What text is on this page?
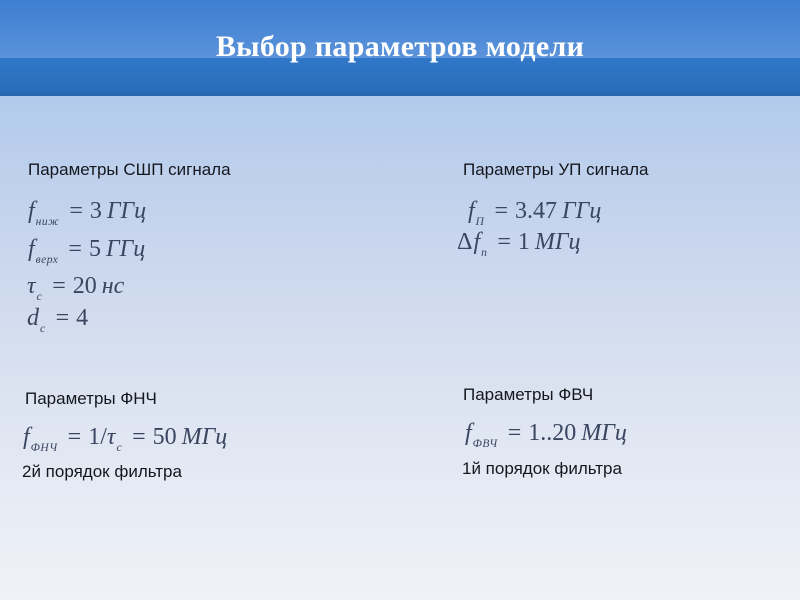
Выбор параметров модели
Параметры СШП сигнала
$f_{ниж} = 3$ ГГц
$f_{верх} = 5$ ГГц
$\tau_с = 20$ нс
$d_с = 4$
Параметры УП сигнала
$f_П = 3.47$ ГГц
$\Delta f_п = 1$ МГц
Параметры ФНЧ
$f_{ФНЧ} = 1/\tau_с = 50$ МГц
2й порядок фильтра
Параметры ФВЧ
$f_{ФВЧ} = 1..20$ МГц
1й порядок фильтра
